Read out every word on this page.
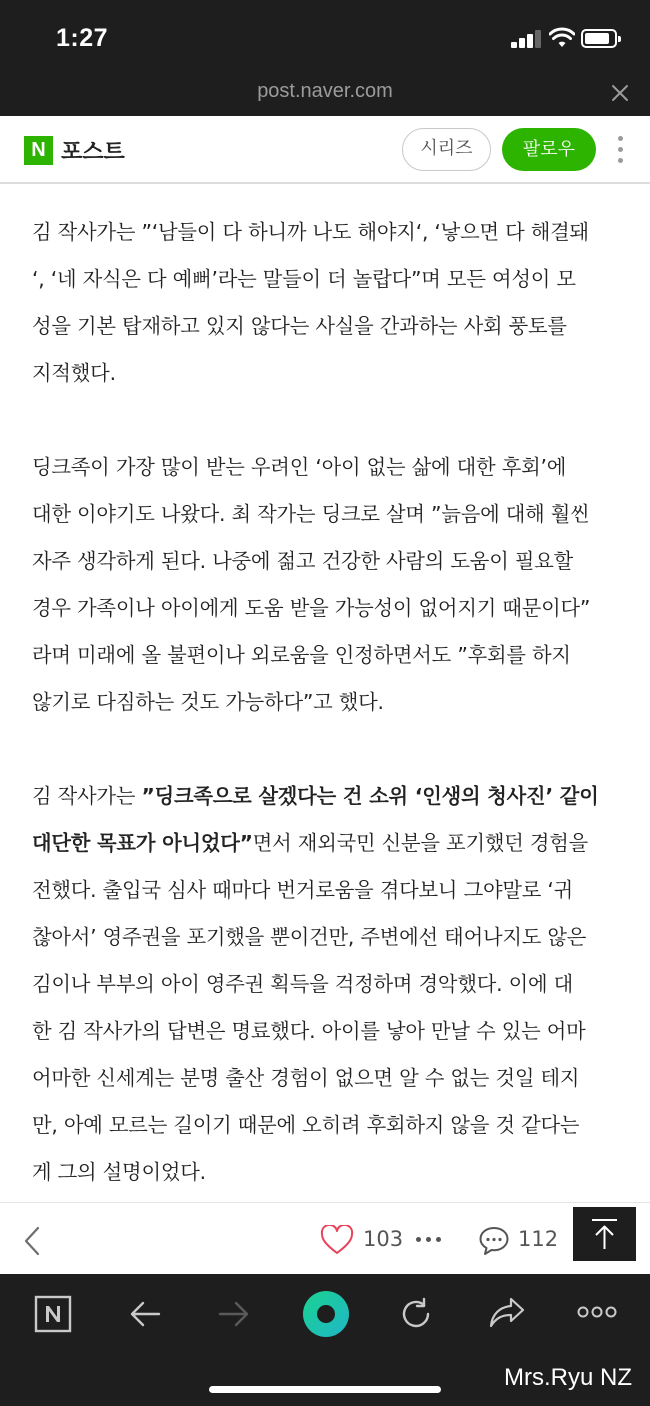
1:27
post.naver.com
N 포스트	시리즈	팔로우
김 작사가는 ”‘남들이 다 하니까 나도 해야지‘, ‘낳으면 다 해결돼
‘, ‘네 자식은 다 예뻐’라는 말들이 더 놀랍다”며 모든 여성이 모
성을 기본 탑재하고 있지 않다는 사실을 간과하는 사회 풍토를
지적했다.
딩크족이 가장 많이 받는 우려인 ‘아이 없는 삶에 대한 후회’에
대한 이야기도 나왔다. 최 작가는 딩크로 살며 ”늙음에 대해 훨씬
자주 생각하게 된다. 나중에 젊고 건강한 사람의 도움이 필요할
경우 가족이나 아이에게 도움 받을 가능성이 없어지기 때문이다”
라며 미래에 올 불편이나 외로움을 인정하면서도 ”후회를 하지
않기로 다짐하는 것도 가능하다”고 했다.
김 작사가는 ”딩크족으로 살겠다는 건 소위 ‘인생의 청사진’ 같이
대단한 목표가 아니었다”면서 재외국민 신분을 포기했던 경험을
전했다. 출입국 심사 때마다 번거로움을 겪다보니 그야말로 ‘귀
찮아서’ 영주권을 포기했을 뿐이건만, 주변에선 태어나지도 않은
김이나 부부의 아이 영주권 획득을 걱정하며 경악했다. 이에 대
한 김 작사가의 답변은 명료했다. 아이를 낳아 만날 수 있는 어마
어마한 신세계는 분명 출산 경험이 없으면 알 수 없는 것일 테지
만, 아예 모르는 길이기 때문에 오히려 후회하지 않을 것 같다는
게 그의 설명이었다.
103	112
Mrs.Ryu NZ
